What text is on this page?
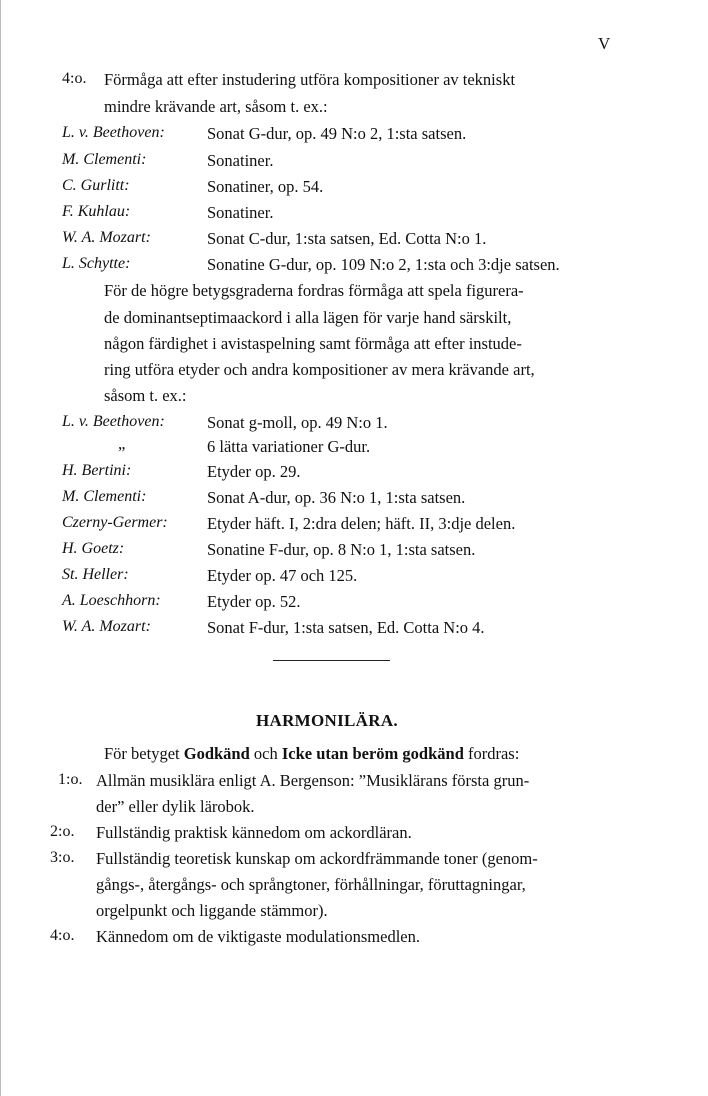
V
4:o. Förmåga att efter instudering utföra kompositioner av tekniskt
mindre krävande art, såsom t. ex.:
L. v. Beethoven:	Sonat G-dur, op. 49 N:o 2, 1:sta satsen.
M. Clementi:	Sonatiner.
C. Gurlitt:	Sonatiner, op. 54.
F. Kuhlau:	Sonatiner.
W. A. Mozart:	Sonat C-dur, 1:sta satsen, Ed. Cotta N:o 1.
L. Schytte:	Sonatine G-dur, op. 109 N:o 2, 1:sta och 3:dje satsen.
För de högre betygsgraderna fordras förmåga att spela figurera-
de dominantseptimaackord i alla lägen för varje hand särskilt,
någon färdighet i avistaspelning samt förmåga att efter instude-
ring utföra etyder och andra kompositioner av mera krävande art,
såsom t. ex.:
L. v. Beethoven:	Sonat g-moll, op. 49 N:o 1.
„	6 lätta variationer G-dur.
H. Bertini:	Etyder op. 29.
M. Clementi:	Sonat A-dur, op. 36 N:o 1, 1:sta satsen.
Czerny-Germer: Etyder häft. I, 2:dra delen; häft. II, 3:dje delen.
H. Goetz:	Sonatine F-dur, op. 8 N:o 1, 1:sta satsen.
St. Heller:	Etyder op. 47 och 125.
A. Loeschhorn:	Etyder op. 52.
W. A. Mozart:	Sonat F-dur, 1:sta satsen, Ed. Cotta N:o 4.
HARMONILÄRA.
För betyget Godkänd och Icke utan beröm godkänd fordras:
1:o. Allmän musiklära enligt A. Bergenson: ”Musiklärans första grun-
der” eller dylik lärobok.
2:o. Fullständig praktisk kännedom om ackordläran.
3:o. Fullständig teoretisk kunskap om ackordfrämmande toner (genom-
gångs-, återgångs- och språngtoner, förhållningar, föruttagningar,
orgelpunkt och liggande stämmor).
4:o. Kännedom om de viktigaste modulationsmedlen.
